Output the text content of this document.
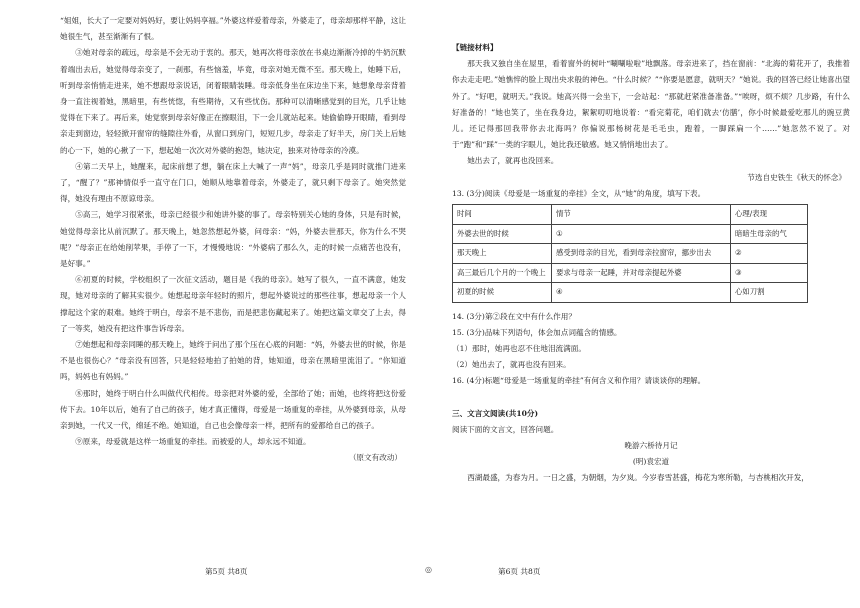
“姐姐，长大了一定要对妈妈好，要让妈妈享福。”外婆这样爱着母亲，外婆走了，母亲却那样平静，这让她很生气，甚至渐渐有了恨。

③她对母亲的疏远，母亲是不会无动于衷的。那天，她再次将母亲放在书桌边渐渐冷掉的牛奶沉默着端出去后，她觉得母亲变了，一刹那，有些恼羞，毕竟，母亲对她无微不至。那天晚上，她睡下后，听到母亲悄悄走进来，她不想跟母亲说话，闭着眼睛装睡。母亲低身坐在床边坐下来，她想象母亲背着身一直注视着她，黑暗里，有些恍惚，有些期待，又有些忧伤。那种可以清晰感觉到的目光，几乎让她觉得在下来了。再后来，她觉察到母亲好像正在擦眼泪，下一会儿就站起来。她偷偷睁开眼睛，看到母亲走到窗边，轻轻掀开窗帘的缝隙往外看，从窗口到房门，短短几步，母亲走了好半天，房门关上后她的心一下，她的心揪了一下，想起她一次次对外婆的抱怨，她决定，独来对待母亲的冷漠。

④第二天早上，她醒来，起床前想了想，躺在床上大喊了一声“妈”，母亲几乎是同时就推门进来了，“醒了？”那神情似乎一直守在门口，她顺从地靠着母亲，外婆走了，就只剩下母亲了。她突然觉得，她没有理由不原谅母亲。

⑤高三，她学习很紧张，母亲已经很少和她讲外婆的事了。母亲特别关心她的身体，只是有时候，她觉得母亲比从前沉默了。那天晚上，她忽然想起外婆，问母亲：“妈，外婆去世那天，你为什么不哭呢？”母亲正在给她削苹果，手停了一下，才慢慢地说：“外婆病了那么久，走的时候一点痛苦也没有，是好事。”

⑥初夏的时候，学校组织了一次征文活动，题目是《我的母亲》。她写了很久，一直不满意，她发现，她对母亲的了解其实很少。她想起母亲年轻时的照片，想起外婆说过的那些往事，想起母亲一个人撑起这个家的艰难。她终于明白，母亲不是不悲伤，而是把悲伤藏起来了。她把这篇文章交了上去，得了一等奖，她没有把这件事告诉母亲。

⑦她想起和母亲同睡的那天晚上，她终于问出了那个压在心底的问题：“妈，外婆去世的时候，你是不是也很伤心？”母亲没有回答，只是轻轻地拍了拍她的背，她知道，母亲在黑暗里流泪了。“你知道吗，妈妈也有妈妈。”

⑧那时，她终于明白什么叫做代代相传。母亲把对外婆的爱，全部给了她；而她，也终将把这份爱传下去。10年以后，她有了自己的孩子，她才真正懂得，母爱是一场重复的牵挂，从外婆到母亲，从母亲到她，一代又一代，绵延不绝。她知道，自己也会像母亲一样，把所有的爱都给自己的孩子。

⑨原来，母爱就是这样一场重复的牵挂。而被爱的人，却永远不知道。

（原文有改动）

第5页 共8页	◎

【链接材料】

那天我又独自坐在屋里，看着窗外的树叶“唰唰啦啦”地飘落。母亲进来了，挡在窗前：“北海的菊花开了，我推着你去走走吧。”她憔悴的脸上现出央求般的神色。“什么时候？”“你要是愿意，就明天？”她说。我的回答已经让她喜出望外了。“好吧，就明天。”我说。她高兴得一会坐下，一会站起：“那就赶紧准备准备。”“唉呀，烦不烦？几步路，有什么好准备的！”她也笑了，坐在我身边，絮絮叨叨地说着：“看完菊花，咱们就去‘仿膳’，你小时候最爱吃那儿的豌豆黄儿。还记得那回我带你去北海吗？你偏说那杨树花是毛毛虫，跑着，一脚踩扁一个……”她忽然不说了。对于“跑”和“踩”一类的字眼儿，她比我还敏感。她又悄悄地出去了。

她出去了，就再也没回来。

节选自史铁生《秋天的怀念》

13. (3分)阅读《母爱是一场重复的牵挂》全文，从“她”的角度，填写下表。

时间	情节	心理/表现
外婆去世的时候	①	暗暗生母亲的气
那天晚上	感受到母亲的目光，看到母亲拉窗帘，挪步出去	②
高三最后几个月的一个晚上	要求与母亲一起睡，并对母亲提起外婆	③
初夏的时候	④	心如刀割

14. (3分)第②段在文中有什么作用？

15. (3分)品味下列语句，体会加点词蕴含的情感。

（1）那时，她再也忍不住地泪流满面。

（2）她出去了，就再也没有回来。

16. (4分)标题“母爱是一场重复的牵挂”有何含义和作用？请谈谈你的理解。

三、文言文阅读(共10分)

阅读下面的文言文，回答问题。

晚游六桥待月记

(明)袁宏道

西湖最盛，为春为月。一日之盛，为朝烟，为夕岚。今岁春雪甚盛，梅花为寒所勒，与杏桃相次开发，

第6页 共8页
